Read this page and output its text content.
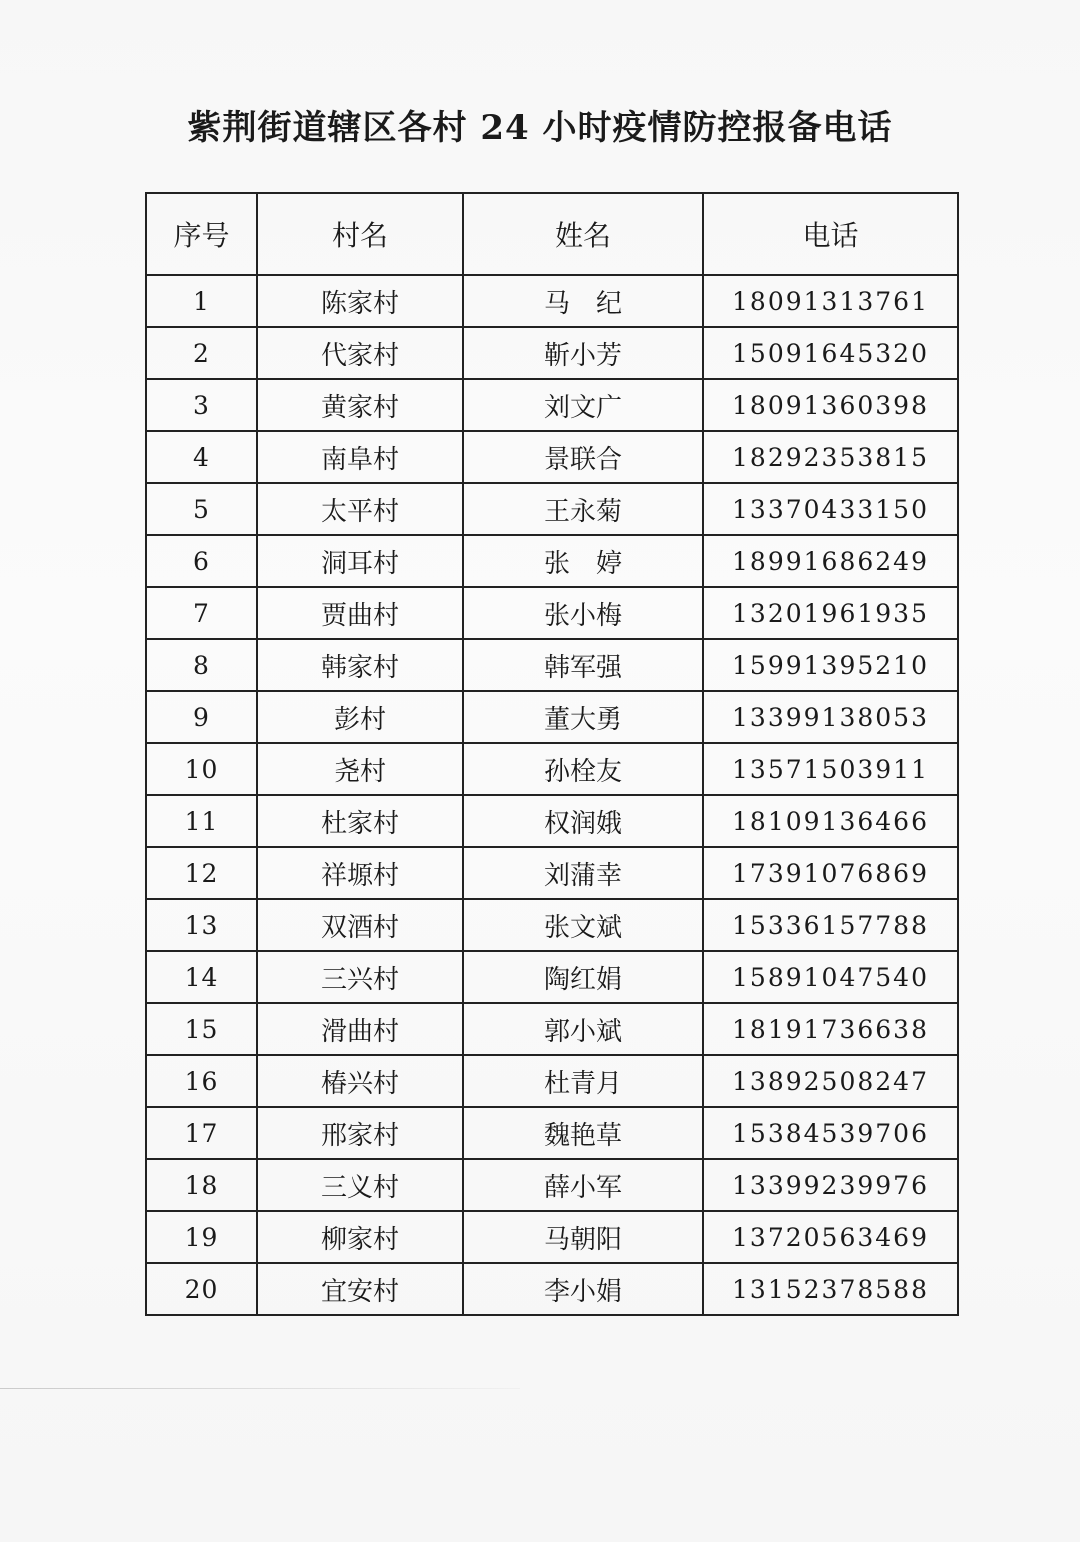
紫荆街道辖区各村 24 小时疫情防控报备电话
序号	村名	姓名	电话
1	陈家村	马　纪	18091313761
2	代家村	靳小芳	15091645320
3	黄家村	刘文广	18091360398
4	南阜村	景联合	18292353815
5	太平村	王永菊	13370433150
6	洞耳村	张　婷	18991686249
7	贾曲村	张小梅	13201961935
8	韩家村	韩军强	15991395210
9	彭村	董大勇	13399138053
10	尧村	孙栓友	13571503911
11	杜家村	权润娥	18109136466
12	祥塬村	刘蒲幸	17391076869
13	双酒村	张文斌	15336157788
14	三兴村	陶红娟	15891047540
15	滑曲村	郭小斌	18191736638
16	椿兴村	杜青月	13892508247
17	邢家村	魏艳草	15384539706
18	三义村	薛小军	13399239976
19	柳家村	马朝阳	13720563469
20	宜安村	李小娟	13152378588
